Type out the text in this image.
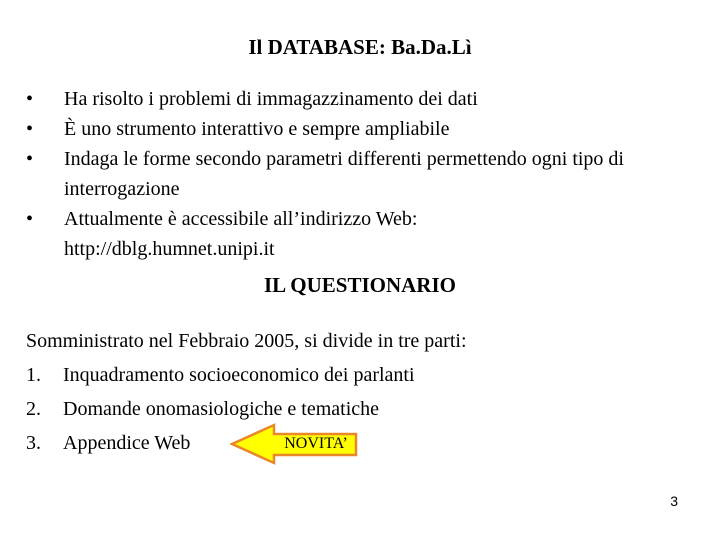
Il DATABASE: Ba.Da.Lì
•	Ha risolto i problemi di immagazzinamento dei dati
•	È uno strumento interattivo e sempre ampliabile
•	Indaga le forme secondo parametri differenti permettendo ogni tipo di interrogazione
•	Attualmente è accessibile all’indirizzo Web:
http://dblg.humnet.unipi.it
IL QUESTIONARIO

Somministrato nel Febbraio 2005, si divide in tre parti:

1. Inquadramento socioeconomico dei parlanti
2. Domande onomasiologiche e tematiche
3. Appendice Web	NOVITA’
3
